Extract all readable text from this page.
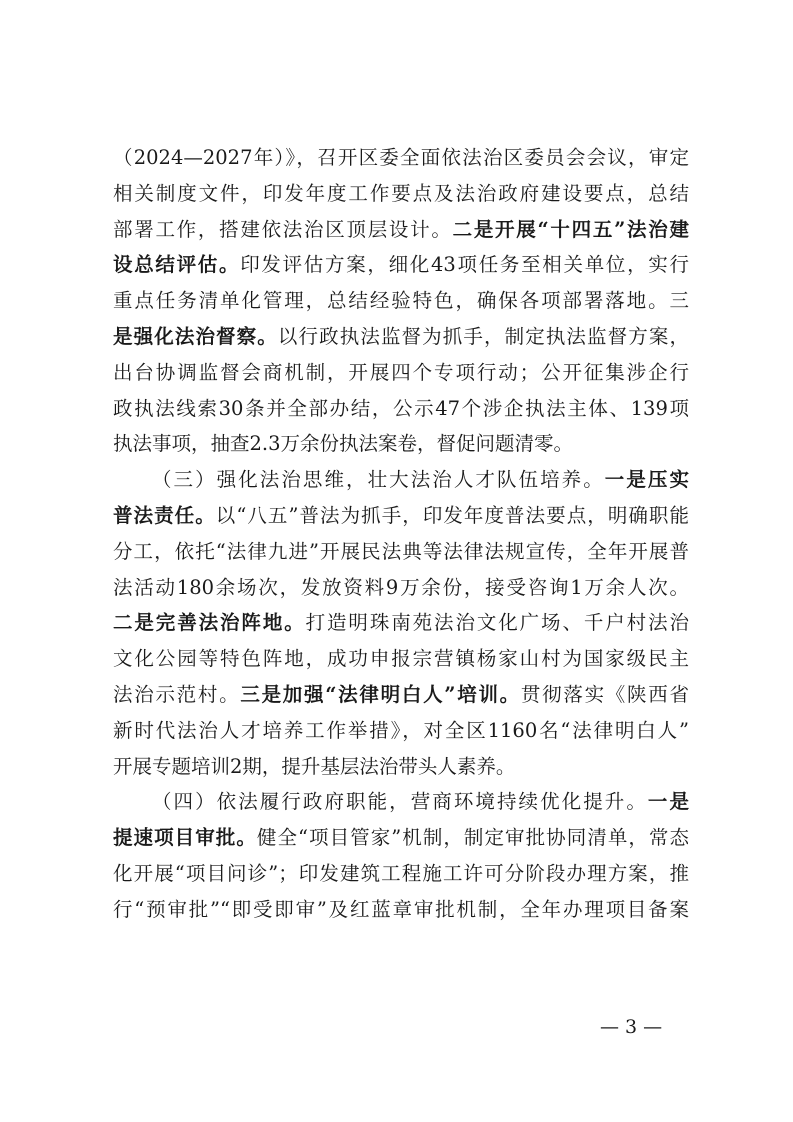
（2024—2027年）》，召开区委全面依法治区委员会会议，审定
相关制度文件，印发年度工作要点及法治政府建设要点，总结
部署工作，搭建依法治区顶层设计。二是开展“十四五”法治建
设总结评估。印发评估方案，细化43项任务至相关单位，实行
重点任务清单化管理，总结经验特色，确保各项部署落地。三
是强化法治督察。以行政执法监督为抓手，制定执法监督方案，
出台协调监督会商机制，开展四个专项行动；公开征集涉企行
政执法线索30条并全部办结，公示47个涉企执法主体、139项
执法事项，抽查2.3万余份执法案卷，督促问题清零。
（三）强化法治思维，壮大法治人才队伍培养。一是压实
普法责任。以“八五”普法为抓手，印发年度普法要点，明确职能
分工，依托“法律九进”开展民法典等法律法规宣传，全年开展普
法活动180余场次，发放资料9万余份，接受咨询1万余人次。
二是完善法治阵地。打造明珠南苑法治文化广场、千户村法治
文化公园等特色阵地，成功申报宗营镇杨家山村为国家级民主
法治示范村。三是加强“法律明白人”培训。贯彻落实《陕西省
新时代法治人才培养工作举措》，对全区1160名“法律明白人”
开展专题培训2期，提升基层法治带头人素养。
（四）依法履行政府职能，营商环境持续优化提升。一是
提速项目审批。健全“项目管家”机制，制定审批协同清单，常态
化开展“项目问诊”；印发建筑工程施工许可分阶段办理方案，推
行“预审批”“即受即审”及红蓝章审批机制，全年办理项目备案
— 3 —
